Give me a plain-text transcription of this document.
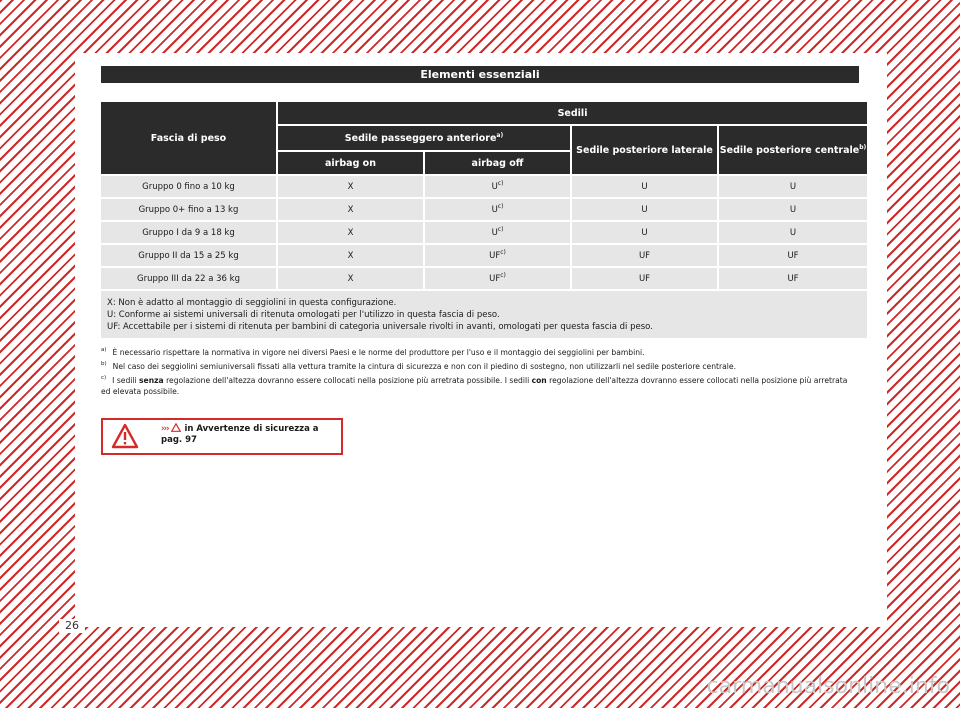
26
Elementi essenziali
Fascia di peso	Sedili			
	Sedile passeggero anteriore$^{a)}$		Sedile posteriore laterale	Sedile posteriore centrale$^{b)}$
	airbag on	airbag off		
Gruppo 0 fino a 10 kg	X	$U^{c)}$	U	U
Gruppo 0+ fino a 13 kg	X	$U^{c)}$	U	U
Gruppo I da 9 a 18 kg	X	$U^{c)}$	U	U
Gruppo II da 15 a 25 kg	X	UF$^{c)}$	UF	UF
Gruppo III da 22 a 36 kg	X	UF$^{c)}$	UF	UF

X: Non è adatto al montaggio di seggiolini in questa configurazione.
U: Conforme ai sistemi universali di ritenuta omologati per l'utilizzo in questa fascia di peso.
UF: Accettabile per i sistemi di ritenuta per bambini di categoria universale rivolti in avanti, omologati per questa fascia di peso.				
$^{a)}$ È necessario rispettare la normativa in vigore nei diversi Paesi e le norme del produttore per l'uso e il montaggio dei seggiolini per bambini.
$^{b)}$ Nel caso dei seggiolini semiuniversali fissati alla vettura tramite la cintura di sicurezza e non con il piedino di sostegno, non utilizzarli nel sedile posteriore centrale.
$^{c)}$ I sedili senza regolazione dell'altezza dovranno essere collocati nella posizione più arretrata possibile. I sedili con regolazione dell'altezza dovranno essere collocati nella posizione più arretrata ed elevata possibile.
›››  in Avvertenze di sicurezza a
pag. 97
carmanualsonline.info
